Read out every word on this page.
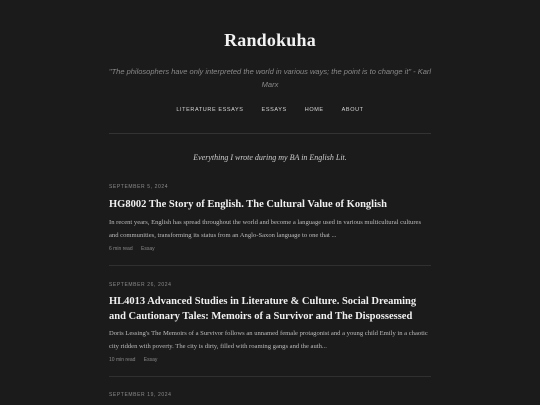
Randokuha

"The philosophers have only interpreted the world in various ways; the point is to change it" - Karl Marx

LITERATURE ESSAYS	ESSAYS	HOME	ABOUT

Everything I wrote during my BA in English Lit.

SEPTEMBER 5, 2024

HG8002 The Story of English. The Cultural Value of Konglish

In recent years, English has spread throughout the world and become a language used in various multicultural cultures and communities, transforming its status from an Anglo-Saxon language to one that ...

6 min read Essay

SEPTEMBER 26, 2024

HL4013 Advanced Studies in Literature & Culture. Social Dreaming and Cautionary Tales: Memoirs of a Survivor and The Dispossessed

Doris Lessing's The Memoirs of a Survivor follows an unnamed female protagonist and a young child Emily in a chaotic city ridden with poverty. The city is dirty, filled with roaming gangs and the auth...

10 min read Essay

SEPTEMBER 19, 2024
